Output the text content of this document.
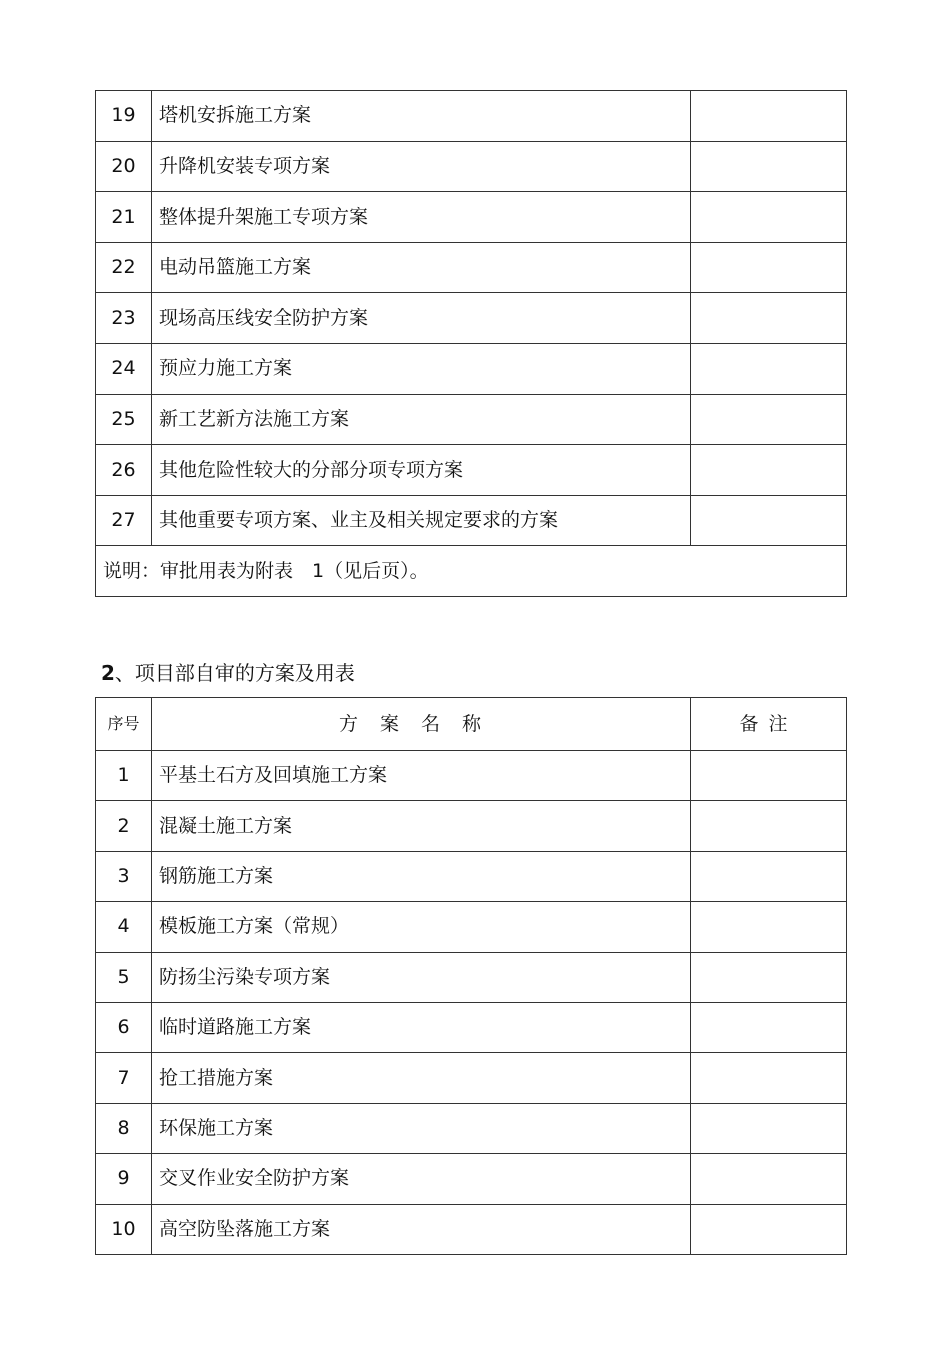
19	塔机安拆施工方案	
20	升降机安装专项方案	
21	整体提升架施工专项方案	
22	电动吊篮施工方案	
23	现场高压线安全防护方案	
24	预应力施工方案	
25	新工艺新方法施工方案	
26	其他危险性较大的分部分项专项方案	
27	其他重要专项方案、业主及相关规定要求的方案	
说明：审批用表为附表　1（见后页）。		
2、项目部自审的方案及用表
序号	方案名称	备注
1	平基土石方及回填施工方案	
2	混凝土施工方案	
3	钢筋施工方案	
4	模板施工方案（常规）	
5	防扬尘污染专项方案	
6	临时道路施工方案	
7	抢工措施方案	
8	环保施工方案	
9	交叉作业安全防护方案	
10	高空防坠落施工方案	
